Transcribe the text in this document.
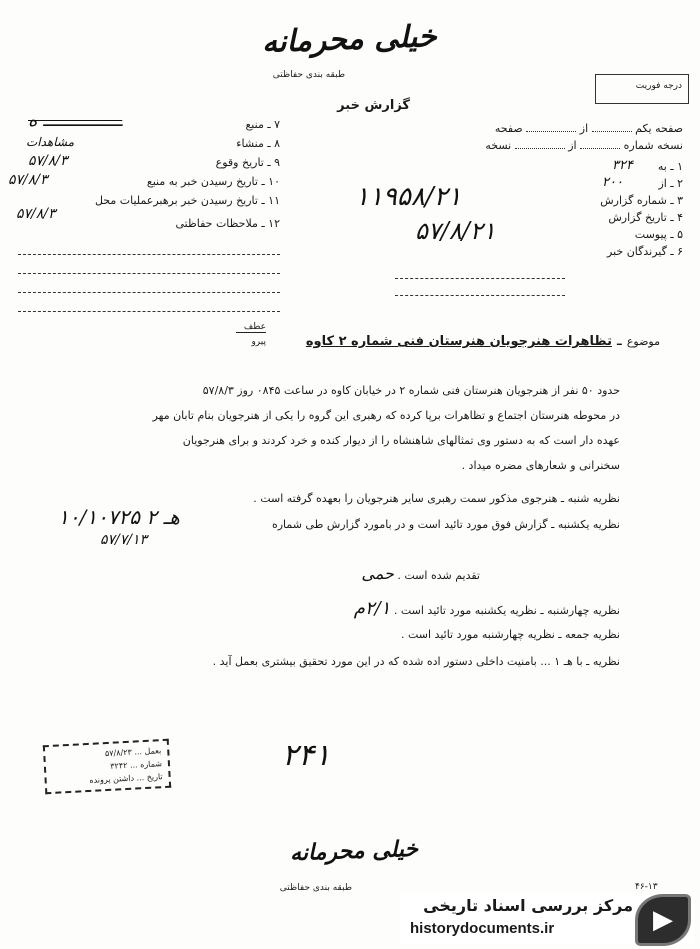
خیلی محرمانه
طبقه بندی حفاظتی
درجه فوریت
گزارش خبر
۷ ـ منبع
ـــــــــــــــ ه
۸ ـ منشاء
مشاهدات
۹ ـ تاریخ وقوع
۵۷/۸/۳
۱۰ ـ تاریخ رسیدن خبر به منبع
۵۷/۸/۳
۱۱ ـ تاریخ رسیدن خبر برهبرعملیات محل
۵۷/۸/۳
۱۲ ـ ملاحظات حفاظتی
صفحه یکم  از  صفحه
نسخه شماره  از  نسخه
۱ ـ به
۳۲۴
۲ ـ از
۲۰۰
۳ ـ شماره گزارش
۱۱۹۵۸/۲۱
۴ ـ تاریخ گزارش
۵۷/۸/۲۱	۵ ـ پیوست
۶ ـ گیرندگان خبر
عطف
پیرو	موضوع ـ تظاهرات هنرجویان هنرستان فنی شماره ۲ کاوه
حدود ۵۰ نفر از هنرجویان هنرستان فنی شماره ۲ در خیابان کاوه در ساعت ۰۸۴۵ روز ۵۷/۸/۳
در محوطه هنرستان اجتماع و تظاهرات برپا کرده که رهبری این گروه را یکی از هنرجویان بنام تابان مهر
عهده دار است که به دستور وی تمثالهای شاهنشاه را از دیوار کنده و خرد کردند و برای هنرجویان
سخنرانی و شعارهای مضره میداد .
نظریه شنبه ـ هنرجوی مذکور سمت رهبری سایر هنرجویان را بعهده گرفته است .
نظریه یکشنبه ـ گزارش فوق مورد تائید است و در بامورد گزارش طی شماره
۱۰/۱۰۷۲۵ هـ ۲
۵۷/۷/۱۳
تقدیم شده است . حمی
نظریه چهارشنبه ـ نظریه یکشنبه مورد تائید است . ۲/۱م
نظریه جمعه ـ نظریه چهارشنبه مورد تائید است .
نظریه ـ با هـ ۱ ... بامنیت داخلی دستور اده شده که در این مورد تحقیق بیشتری بعمل آید .
۲۴۱
بعمل ... ۵۷/۸/۲۳
شماره ... ۳۲۴۲
تاریخ ... داشتن پرونده
خیلی محرمانه
طبقه بندی حفاظتی	۴۶-۱۳
مرکز بررسی اسناد تاریخی
historydocuments.ir	▶
